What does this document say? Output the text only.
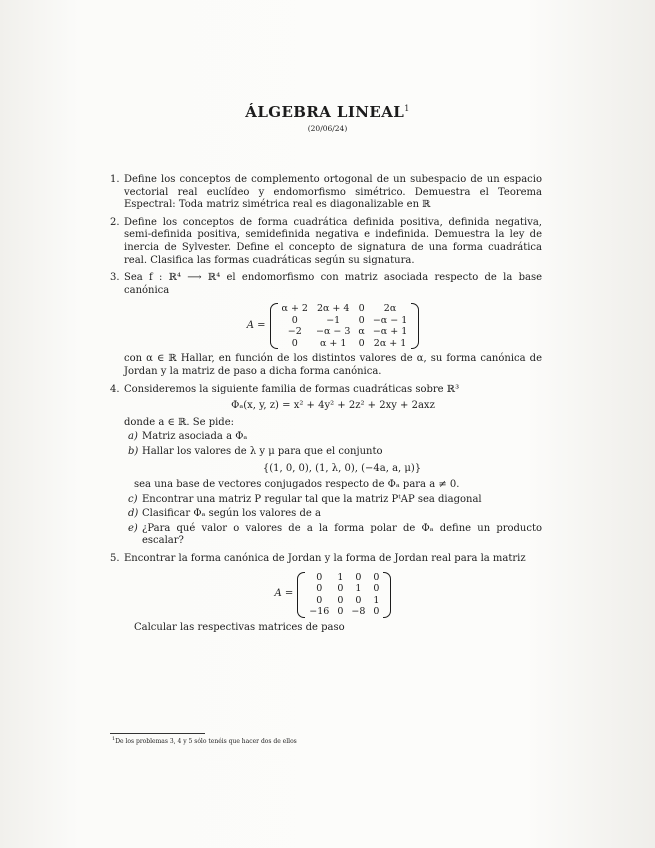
ÁLGEBRA LINEAL$^1$
(20/06/24)
1. Define los conceptos de complemento ortogonal de un subespacio de un espacio vectorial real euclídeo y endomorfismo simétrico. Demuestra el Teorema Espectral: Toda matriz simétrica real es diagonalizable en ℝ
2. Define los conceptos de forma cuadrática definida positiva, definida negativa, semi-definida positiva, semidefinida negativa e indefinida. Demuestra la ley de inercia de Sylvester. Define el concepto de signatura de una forma cuadrática real. Clasifica las formas cuadráticas según su signatura.
3. Sea f : ℝ⁴ ⟶ ℝ⁴ el endomorfismo con matriz asociada respecto de la base canónica
A =
α + 2	2α + 4	0	2α
0	−1	0	−α − 1
−2	−α − 3	α	−α + 1
0	α + 1	0	2α + 1
con α ∈ ℝ Hallar, en función de los distintos valores de α, su forma canónica de Jordan y la matriz de paso a dicha forma canónica.
4. Consideremos la siguiente familia de formas cuadráticas sobre ℝ³
Φₐ(x, y, z) = x² + 4y² + 2z² + 2xy + 2axz
donde a ∈ ℝ. Se pide:
a) Matriz asociada a Φₐ
b) Hallar los valores de λ y μ para que el conjunto
{(1, 0, 0), (1, λ, 0), (−4a, a, μ)}
sea una base de vectores conjugados respecto de Φₐ para a ≠ 0.
c) Encontrar una matriz P regular tal que la matriz PᵗAP sea diagonal
d) Clasificar Φₐ según los valores de a
e) ¿Para qué valor o valores de a la forma polar de Φₐ define un producto escalar?
5. Encontrar la forma canónica de Jordan y la forma de Jordan real para la matriz
A =
0	1	0	0
0	0	1	0
0	0	0	1
−16	0	−8	0
Calcular las respectivas matrices de paso
$^1$De los problemas 3, 4 y 5 sólo tenéis que hacer dos de ellos
